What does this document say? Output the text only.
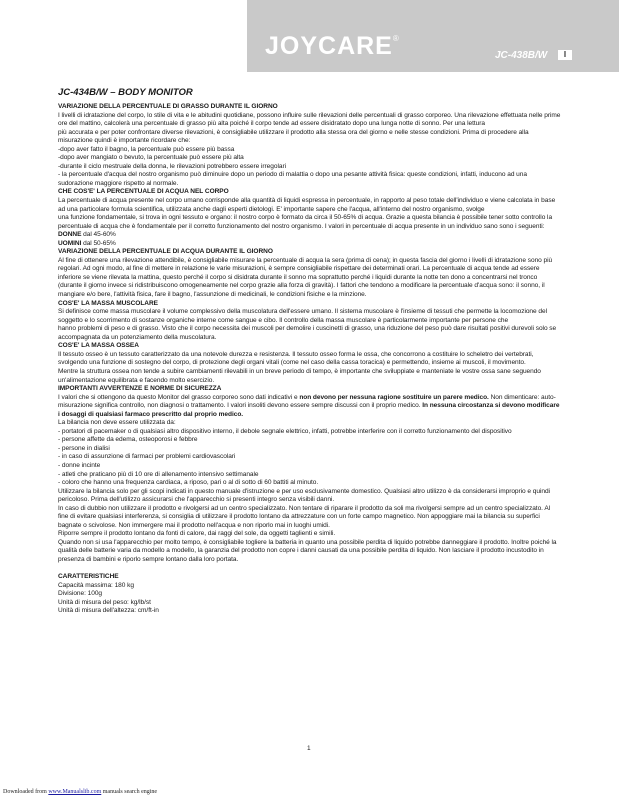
JOYCARE®
JC-438B/W	I
JC-434B/W – BODY MONITOR

VARIAZIONE DELLA PERCENTUALE DI GRASSO DURANTE IL GIORNO

I livelli di idratazione del corpo, lo stile di vita e le abitudini quotidiane, possono influire sulle rilevazioni delle percentuali di grasso corporeo. Una rilevazione effettuata nelle prime ore del mattino, calcolerà una percentuale di grasso più alta poiché il corpo tende ad essere disidratato dopo una lunga notte di sonno. Per una lettura

più accurata e per poter confrontare diverse rilevazioni, è consigliabile utilizzare il prodotto alla stessa ora del giorno e nelle stesse condizioni. Prima di procedere alla misurazione quindi è importante ricordare che:

-dopo aver fatto il bagno, la percentuale può essere più bassa

-dopo aver mangiato o bevuto, la percentuale può essere più alta

-durante il ciclo mestruale della donna, le rilevazioni potrebbero essere irregolari

- la percentuale d'acqua del nostro organismo può diminuire dopo un periodo di malattia o dopo una pesante attività fisica: queste condizioni, infatti, inducono ad una sudorazione maggiore rispetto al normale.

CHE COS'E' LA PERCENTUALE DI ACQUA NEL CORPO

La percentuale di acqua presente nel corpo umano corrisponde alla quantità di liquidi espressa in percentuale, in rapporto al peso totale dell'individuo e viene calcolata in base ad una particolare formula scientifica, utilizzata anche dagli esperti dietologi. E' importante sapere che l'acqua, all'interno del nostro organismo, svolge

una funzione fondamentale, si trova in ogni tessuto e organo: il nostro corpo è formato da circa il 50-65% di acqua. Grazie a questa bilancia è possibile tener sotto controllo la percentuale di acqua che è fondamentale per il corretto funzionamento del nostro organismo. I valori in percentuale di acqua presente in un individuo sano sono i seguenti:

DONNE dal 45-60%

UOMINI dal 50-65%

VARIAZIONE DELLA PERCENTUALE DI ACQUA DURANTE IL GIORNO

Al fine di ottenere una rilevazione attendibile, è consigliabile misurare la percentuale di acqua la sera (prima di cena); in questa fascia del giorno i livelli di idratazione sono più regolari. Ad ogni modo, al fine di mettere in relazione le varie misurazioni, è sempre consigliabile rispettare dei determinati orari. La percentuale di acqua tende ad essere inferiore se viene rilevata la mattina, questo perché il corpo si disidrata durante il sonno ma soprattutto perché i liquidi durante la notte ten dono a concentrarsi nel tronco (durante il giorno invece si ridistribuiscono omogeneamente nel corpo grazie alla forza di gravità). I fattori che tendono a modificare la percentuale d'acqua sono: il sonno, il mangiare e/o bere, l'attività fisica, fare il bagno, l'assunzione di medicinali, le condizioni fisiche e la minzione.

COS'E' LA MASSA MUSCOLARE

Si definisce come massa muscolare il volume complessivo della muscolatura dell'essere umano. Il sistema muscolare è l'insieme di tessuti che permette la locomozione del soggetto e lo scorrimento di sostanze organiche interne come sangue e cibo. Il controllo della massa muscolare è particolarmente importante per persone che

hanno problemi di peso e di grasso. Visto che il corpo necessita dei muscoli per demolire i cuscinetti di grasso, una riduzione del peso può dare risultati positivi durevoli solo se accompagnata da un potenziamento della muscolatura.

COS'E' LA MASSA OSSEA

Il tessuto osseo è un tessuto caratterizzato da una notevole durezza e resistenza. Il tessuto osseo forma le ossa, che concorrono a costituire lo scheletro dei vertebrati, svolgendo una funzione di sostegno del corpo, di protezione degli organi vitali (come nel caso della cassa toracica) e permettendo, insieme ai muscoli, il movimento.

Mentre la struttura ossea non tende a subire cambiamenti rilevabili in un breve periodo di tempo, è importante che sviluppiate e manteniate le vostre ossa sane seguendo un'alimentazione equilibrata e facendo molto esercizio.

IMPORTANTI AVVERTENZE E NORME DI SICUREZZA

I valori che si ottengono da questo Monitor del grasso corporeo sono dati indicativi e non devono per nessuna ragione sostituire un parere medico. Non dimenticare: auto-misurazione significa controllo, non diagnosi o trattamento. I valori insoliti devono essere sempre discussi con il proprio medico. In nessuna circostanza si devono modificare i dosaggi di qualsiasi farmaco prescritto dal proprio medico.

La bilancia non deve essere utilizzata da:

- portatori di pacemaker o di qualsiasi altro dispositivo interno, il debole segnale elettrico, infatti, potrebbe interferire con il corretto funzionamento del dispositivo

- persone affette da edema, osteoporosi e febbre

- persone in dialisi

- in caso di assunzione di farmaci per problemi cardiovascolari

- donne incinte

- atleti che praticano più di 10 ore di allenamento intensivo settimanale

- coloro che hanno una frequenza cardiaca, a riposo, pari o al di sotto di 60 battiti al minuto.

Utilizzare la bilancia solo per gli scopi indicati in questo manuale d'istruzione e per uso esclusivamente domestico. Qualsiasi altro utilizzo è da considerarsi improprio e quindi pericoloso. Prima dell'utilizzo assicurarsi che l'apparecchio si presenti integro senza visibili danni.

In caso di dubbio non utilizzare il prodotto e rivolgersi ad un centro specializzato. Non tentare di riparare il prodotto da soli ma rivolgersi sempre ad un centro specializzato. Al fine di evitare qualsiasi interferenza, si consiglia di utilizzare il prodotto lontano da attrezzature con un forte campo magnetico. Non appoggiare mai la bilancia su superfici bagnate o scivolose. Non immergere mai il prodotto nell'acqua e non riporlo mai in luoghi umidi.

Riporre sempre il prodotto lontano da fonti di calore, dai raggi del sole, da oggetti taglienti e simili.

Quando non si usa l'apparecchio per molto tempo, è consigliabile togliere la batteria in quanto una possibile perdita di liquido potrebbe danneggiare il prodotto. Inoltre poiché la qualità delle batterie varia da modello a modello, la garanzia del prodotto non copre i danni causati da una possibile perdita di liquido. Non lasciare il prodotto incustodito in presenza di bambini e riporlo sempre lontano dalla loro portata.

CARATTERISTICHE

Capacità massima: 180 kg

Divisione: 100g

Unità di misura del peso: kg/lb/st

Unità di misura dell'altezza: cm/ft-in

1
Downloaded from www.Manualslib.com manuals search engine
